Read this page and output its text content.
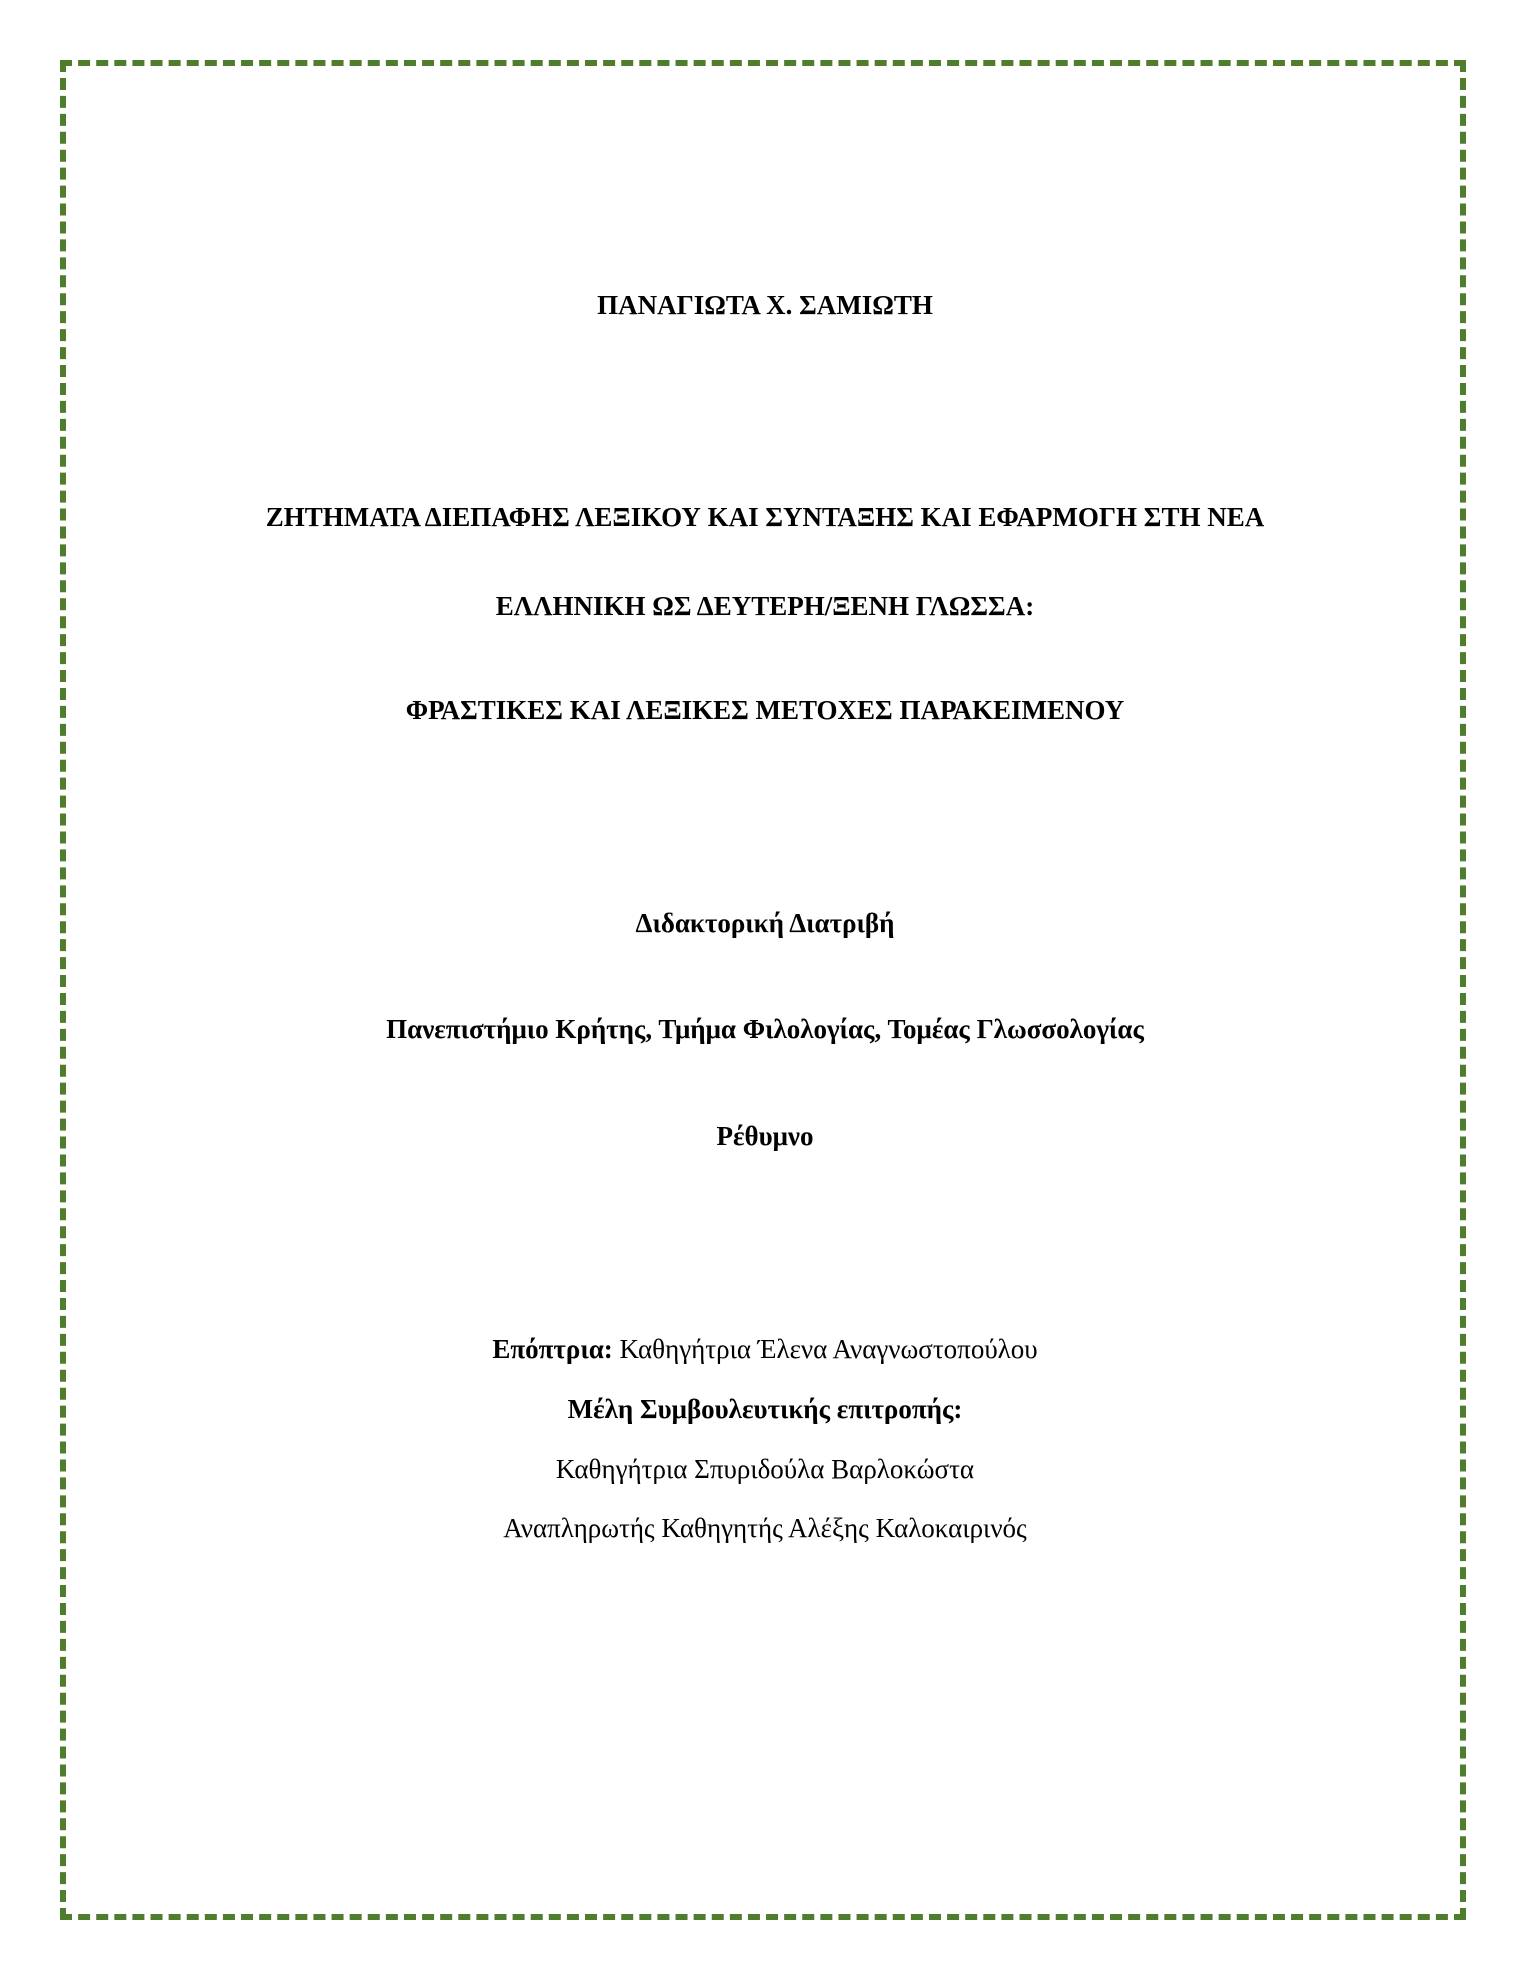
ΠΑΝΑΓΙΩΤΑ Χ. ΣΑΜΙΩΤΗ
ΖΗΤΗΜΑΤΑ ΔΙΕΠΑΦΗΣ ΛΕΞΙΚΟΥ ΚΑΙ ΣΥΝΤΑΞΗΣ ΚΑΙ ΕΦΑΡΜΟΓΗ ΣΤΗ ΝΕΑ
ΕΛΛΗΝΙΚΗ ΩΣ ΔΕΥΤΕΡΗ/ΞΕΝΗ ΓΛΩΣΣΑ:
ΦΡΑΣΤΙΚΕΣ ΚΑΙ ΛΕΞΙΚΕΣ ΜΕΤΟΧΕΣ ΠΑΡΑΚΕΙΜΕΝΟΥ
Διδακτορική Διατριβή
Πανεπιστήμιο Κρήτης, Τμήμα Φιλολογίας, Τομέας Γλωσσολογίας
Ρέθυμνο
Επόπτρια: Καθηγήτρια Έλενα Αναγνωστοπούλου
Μέλη Συμβουλευτικής επιτροπής:
Καθηγήτρια Σπυριδούλα Βαρλοκώστα
Αναπληρωτής Καθηγητής Αλέξης Καλοκαιρινός
